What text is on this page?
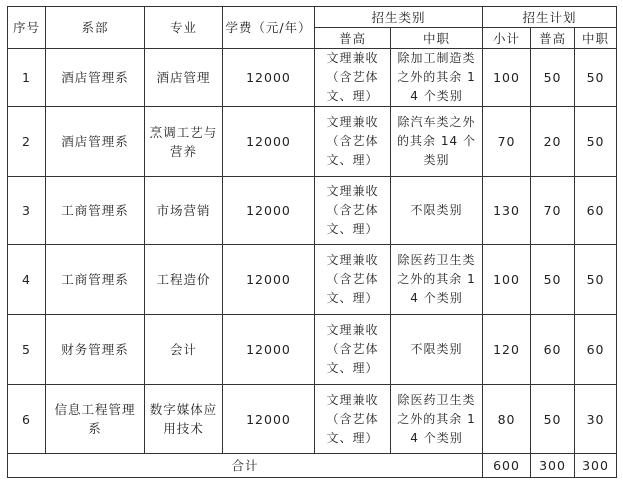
序号	系部	专业	学费（元/年）	招生类别		招生计划		
				普高	中职	小计	普高	中职
1	酒店管理系	酒店管理	12000	文理兼收（含艺体文、理）	除加工制造类之外的其余 14 个类别	100	50	50
2	酒店管理系	烹调工艺与营养	12000	文理兼收（含艺体文、理）	除汽车类之外的其余 14 个类别	70	20	50
3	工商管理系	市场营销	12000	文理兼收（含艺体文、理）	不限类别	130	70	60
4	工商管理系	工程造价	12000	文理兼收（含艺体文、理）	除医药卫生类之外的其余 14 个类别	100	50	50
5	财务管理系	会计	12000	文理兼收（含艺体文、理）	不限类别	120	60	60
6	信息工程管理系	数字媒体应用技术	12000	文理兼收（含艺体文、理）	除医药卫生类之外的其余 14 个类别	80	50	30
合计						600	300	300
